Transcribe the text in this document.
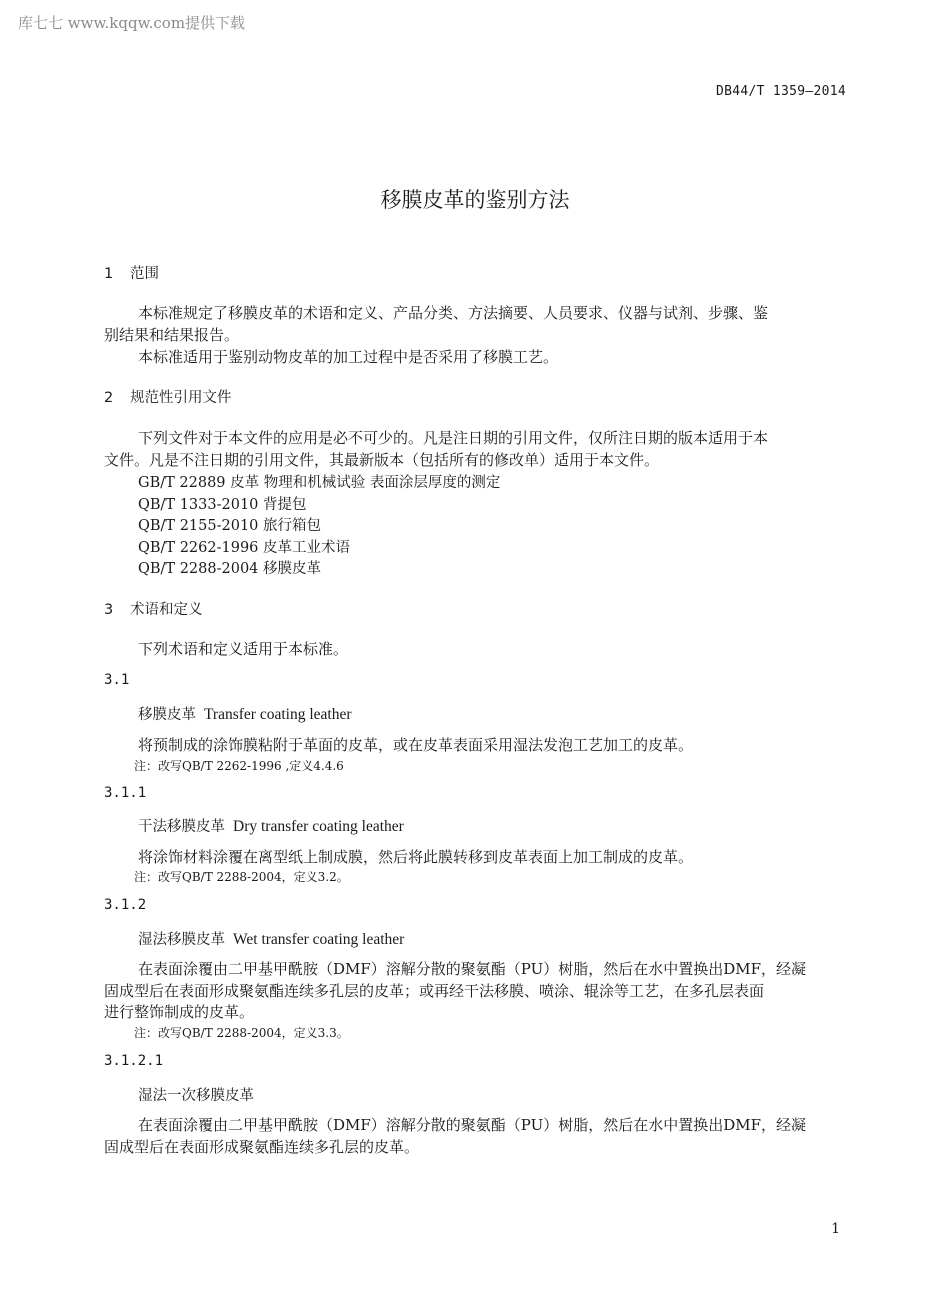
库七七 www.kqqw.com提供下载
DB44/T 1359—2014
移膜皮革的鉴别方法
1 范围
本标准规定了移膜皮革的术语和定义、产品分类、方法摘要、人员要求、仪器与试剂、步骤、鉴
别结果和结果报告。
本标准适用于鉴别动物皮革的加工过程中是否采用了移膜工艺。
2 规范性引用文件
下列文件对于本文件的应用是必不可少的。凡是注日期的引用文件，仅所注日期的版本适用于本
文件。凡是不注日期的引用文件，其最新版本（包括所有的修改单）适用于本文件。
GB/T 22889 皮革 物理和机械试验 表面涂层厚度的测定
QB/T 1333-2010 背提包
QB/T 2155-2010 旅行箱包
QB/T 2262-1996 皮革工业术语
QB/T 2288-2004 移膜皮革
3 术语和定义
下列术语和定义适用于本标准。
3.1
移膜皮革 Transfer coating leather
将预制成的涂饰膜粘附于革面的皮革，或在皮革表面采用湿法发泡工艺加工的皮革。
注：改写QB/T 2262-1996 ,定义4.4.6
3.1.1
干法移膜皮革 Dry transfer coating leather
将涂饰材料涂覆在离型纸上制成膜，然后将此膜转移到皮革表面上加工制成的皮革。
注：改写QB/T 2288-2004，定义3.2。
3.1.2
湿法移膜皮革 Wet transfer coating leather
在表面涂覆由二甲基甲酰胺（DMF）溶解分散的聚氨酯（PU）树脂，然后在水中置换出DMF，经凝
固成型后在表面形成聚氨酯连续多孔层的皮革；或再经干法移膜、喷涂、辊涂等工艺，在多孔层表面
进行整饰制成的皮革。
注：改写QB/T 2288-2004，定义3.3。
3.1.2.1
湿法一次移膜皮革
在表面涂覆由二甲基甲酰胺（DMF）溶解分散的聚氨酯（PU）树脂，然后在水中置换出DMF，经凝
固成型后在表面形成聚氨酯连续多孔层的皮革。
1
